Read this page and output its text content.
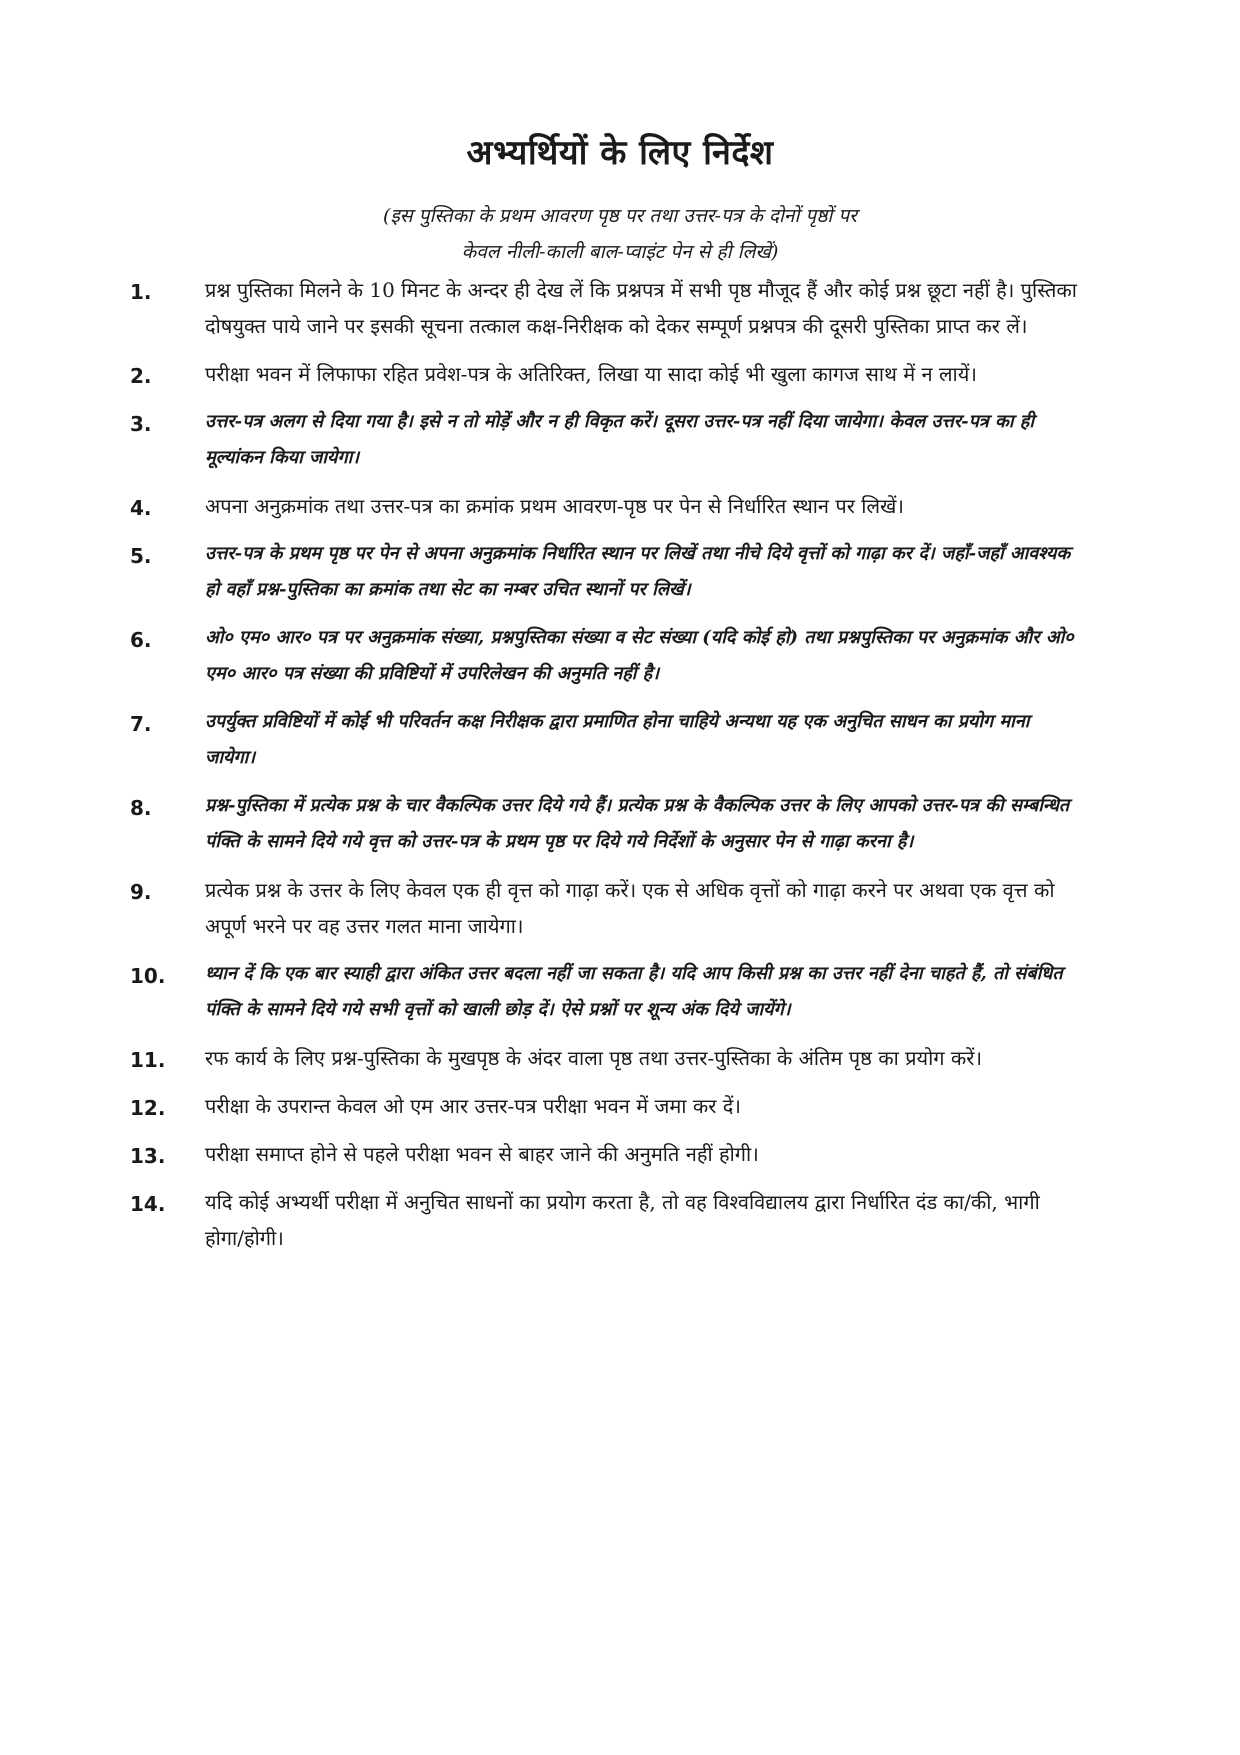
अभ्यर्थियों के लिए निर्देश

(इस पुस्तिका के प्रथम आवरण पृष्ठ पर तथा उत्तर-पत्र के दोनों पृष्ठों पर
केवल नीली-काली बाल-प्वाइंट पेन से ही लिखें)

1.	प्रश्न पुस्तिका मिलने के 10 मिनट के अन्दर ही देख लें कि प्रश्नपत्र में सभी पृष्ठ मौजूद हैं और कोई प्रश्न छूटा नहीं है। पुस्तिका दोषयुक्त पाये जाने पर इसकी सूचना तत्काल कक्ष-निरीक्षक को देकर सम्पूर्ण प्रश्नपत्र की दूसरी पुस्तिका प्राप्त कर लें।
2.	परीक्षा भवन में लिफाफा रहित प्रवेश-पत्र के अतिरिक्त, लिखा या सादा कोई भी खुला कागज साथ में न लायें।
3.	उत्तर-पत्र अलग से दिया गया है। इसे न तो मोड़ें और न ही विकृत करें। दूसरा उत्तर-पत्र नहीं दिया जायेगा। केवल उत्तर-पत्र का ही मूल्यांकन किया जायेगा।
4.	अपना अनुक्रमांक तथा उत्तर-पत्र का क्रमांक प्रथम आवरण-पृष्ठ पर पेन से निर्धारित स्थान पर लिखें।
5.	उत्तर-पत्र के प्रथम पृष्ठ पर पेन से अपना अनुक्रमांक निर्धारित स्थान पर लिखें तथा नीचे दिये वृत्तों को गाढ़ा कर दें। जहाँ-जहाँ आवश्यक हो वहाँ प्रश्न-पुस्तिका का क्रमांक तथा सेट का नम्बर उचित स्थानों पर लिखें।
6.	ओ० एम० आर० पत्र पर अनुक्रमांक संख्या, प्रश्नपुस्तिका संख्या व सेट संख्या (यदि कोई हो) तथा प्रश्नपुस्तिका पर अनुक्रमांक और ओ० एम० आर० पत्र संख्या की प्रविष्टियों में उपरिलेखन की अनुमति नहीं है।
7.	उपर्युक्त प्रविष्टियों में कोई भी परिवर्तन कक्ष निरीक्षक द्वारा प्रमाणित होना चाहिये अन्यथा यह एक अनुचित साधन का प्रयोग माना जायेगा।
8.	प्रश्न-पुस्तिका में प्रत्येक प्रश्न के चार वैकल्पिक उत्तर दिये गये हैं। प्रत्येक प्रश्न के वैकल्पिक उत्तर के लिए आपको उत्तर-पत्र की सम्बन्धित पंक्ति के सामने दिये गये वृत्त को उत्तर-पत्र के प्रथम पृष्ठ पर दिये गये निर्देशों के अनुसार पेन से गाढ़ा करना है।
9.	प्रत्येक प्रश्न के उत्तर के लिए केवल एक ही वृत्त को गाढ़ा करें। एक से अधिक वृत्तों को गाढ़ा करने पर अथवा एक वृत्त को अपूर्ण भरने पर वह उत्तर गलत माना जायेगा।
10. ध्यान दें कि एक बार स्याही द्वारा अंकित उत्तर बदला नहीं जा सकता है। यदि आप किसी प्रश्न का उत्तर नहीं देना चाहते हैं, तो संबंधित पंक्ति के सामने दिये गये सभी वृत्तों को खाली छोड़ दें। ऐसे प्रश्नों पर शून्य अंक दिये जायेंगे।
11. रफ कार्य के लिए प्रश्न-पुस्तिका के मुखपृष्ठ के अंदर वाला पृष्ठ तथा उत्तर-पुस्तिका के अंतिम पृष्ठ का प्रयोग करें।
12. परीक्षा के उपरान्त केवल ओ एम आर उत्तर-पत्र परीक्षा भवन में जमा कर दें।
13. परीक्षा समाप्त होने से पहले परीक्षा भवन से बाहर जाने की अनुमति नहीं होगी।
14. यदि कोई अभ्यर्थी परीक्षा में अनुचित साधनों का प्रयोग करता है, तो वह विश्वविद्यालय द्वारा निर्धारित दंड का/की, भागी होगा/होगी।
